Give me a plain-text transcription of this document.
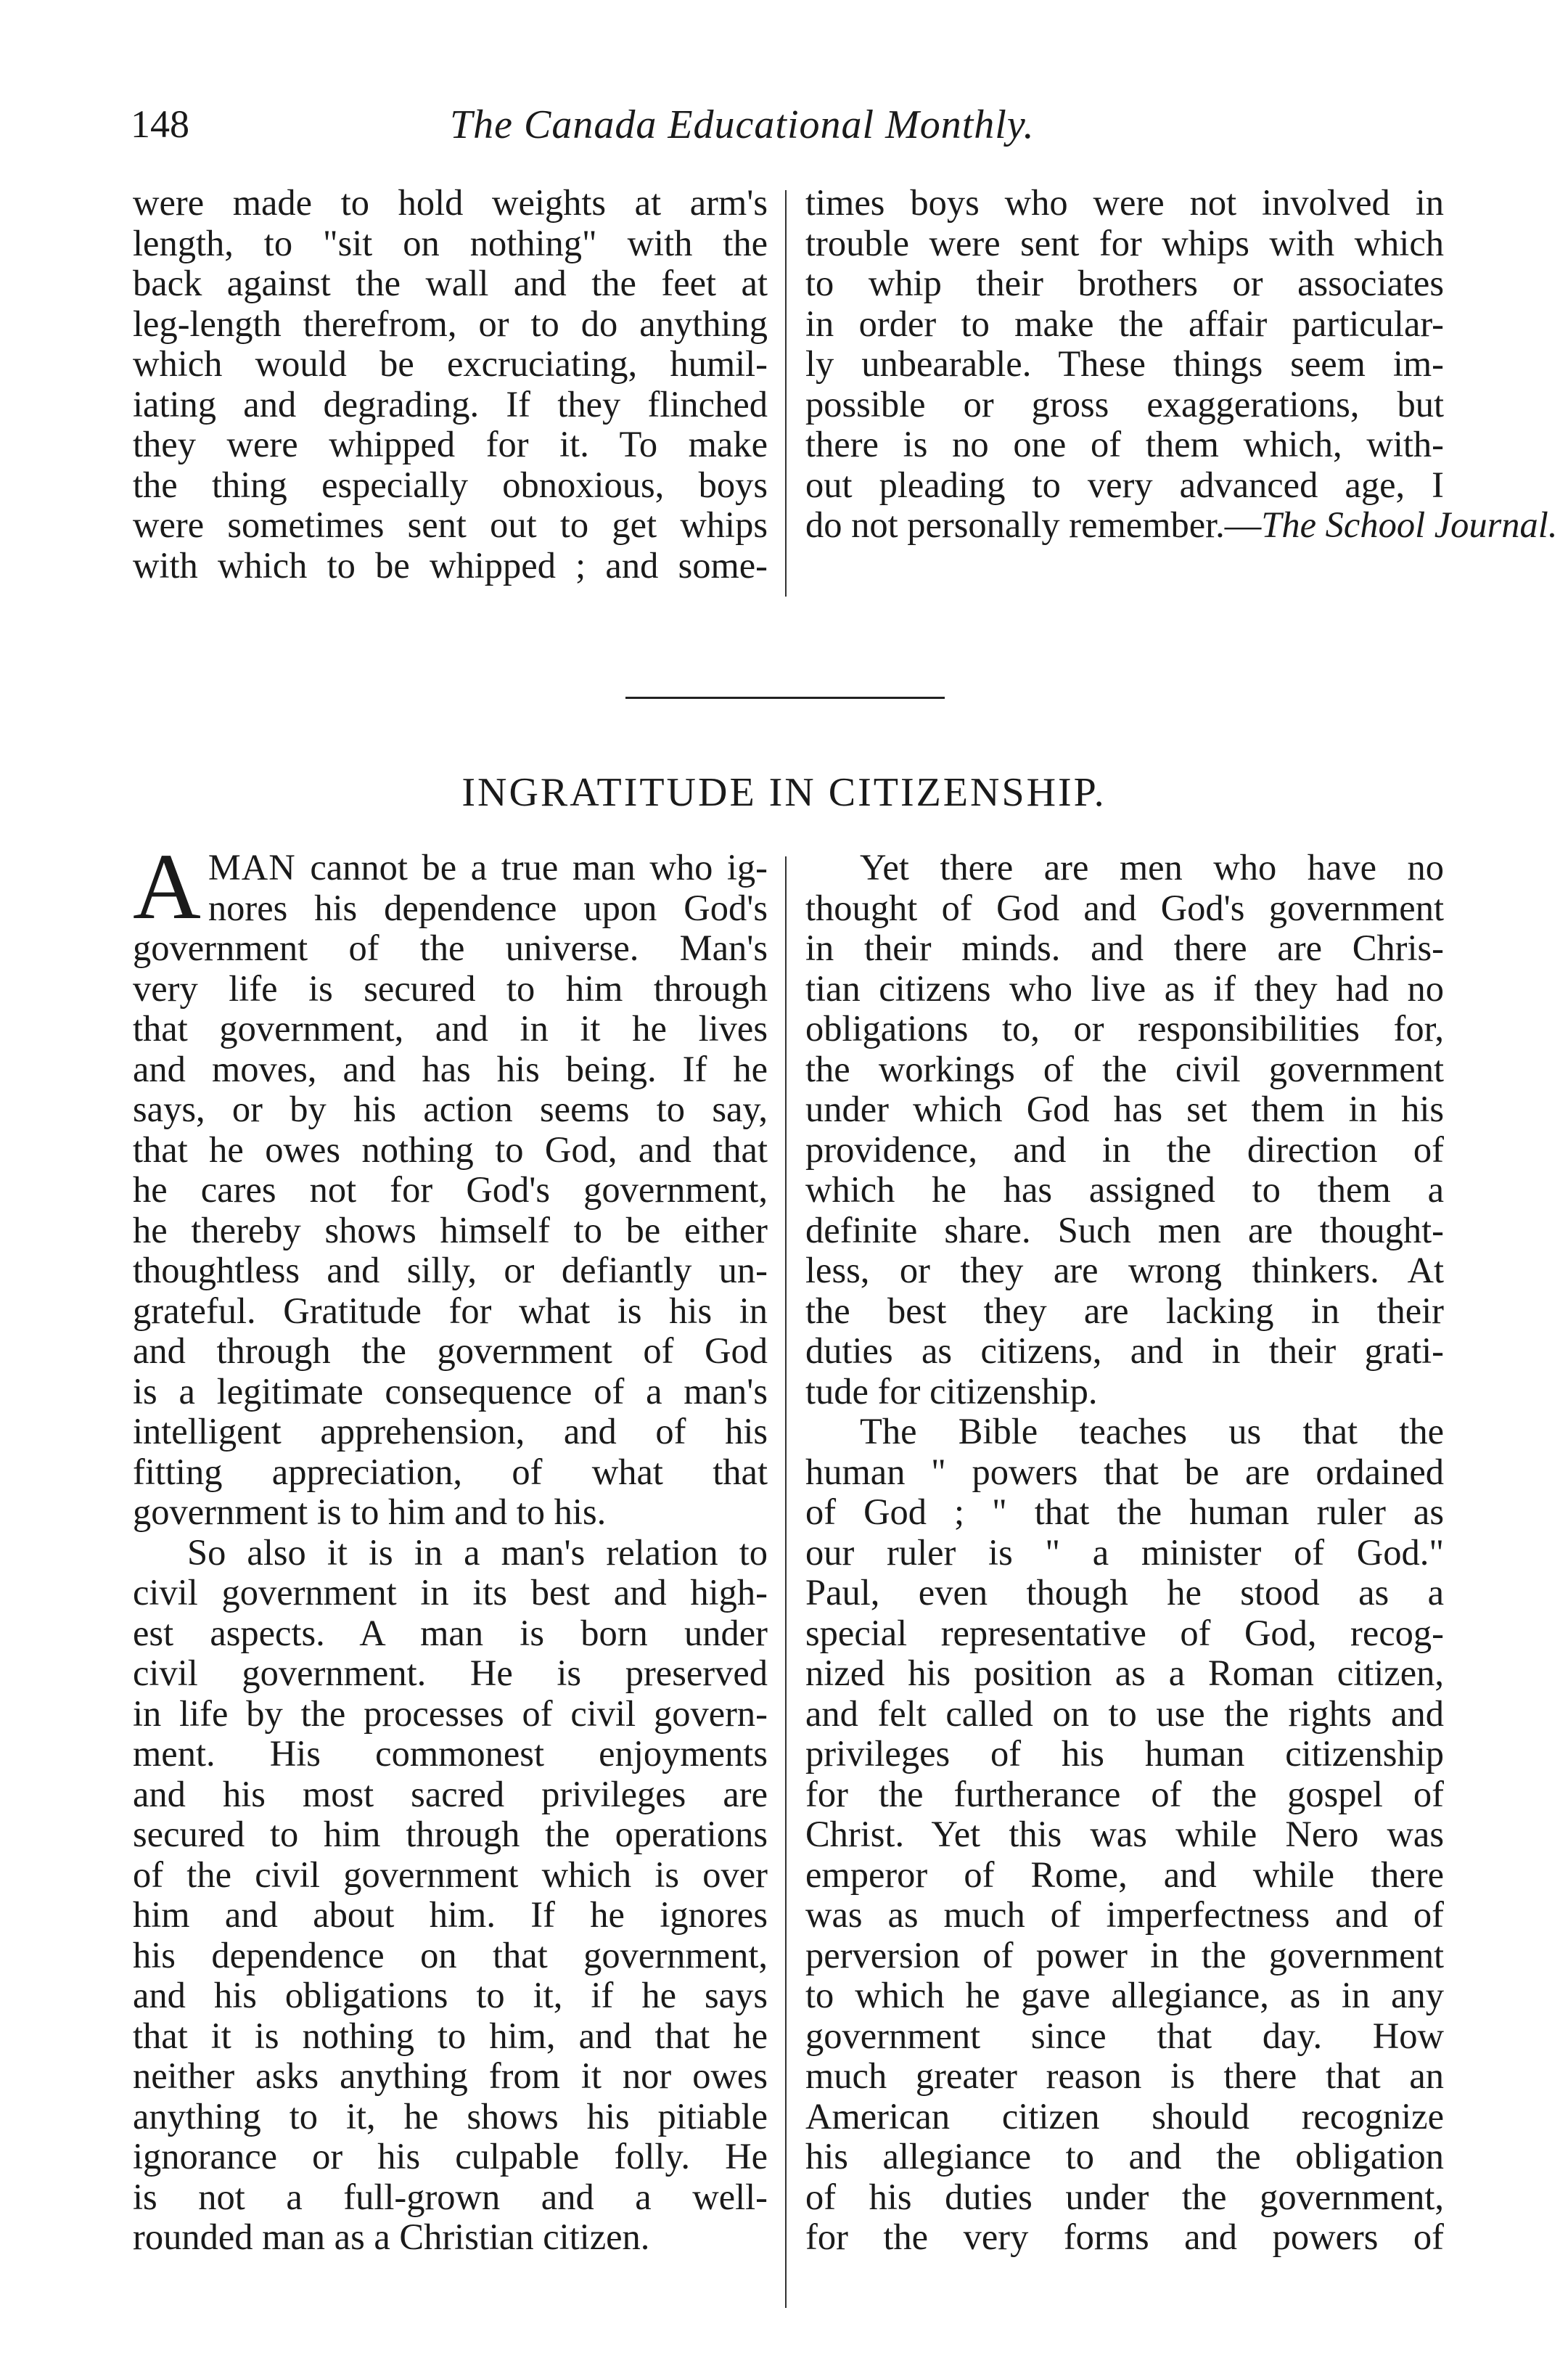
148	The Canada Educational Monthly.
were made to hold weights at arm's
length, to "sit on nothing" with the
back against the wall and the feet at
leg-length therefrom, or to do anything
which would be excruciating, humil-
iating and degrading. If they flinched
they were whipped for it. To make
the thing especially obnoxious, boys
were sometimes sent out to get whips
with which to be whipped ; and some-
times boys who were not involved in
trouble were sent for whips with which
to whip their brothers or associates
in order to make the affair particular-
ly unbearable. These things seem im-
possible or gross exaggerations, but
there is no one of them which, with-
out pleading to very advanced age, I
do not personally remember.—The School Journal.
INGRATITUDE IN CITIZENSHIP.
A MAN cannot be a true man who ig-
nores his dependence upon God's
government of the universe. Man's
very life is secured to him through
that government, and in it he lives
and moves, and has his being. If he
says, or by his action seems to say,
that he owes nothing to God, and that
he cares not for God's government,
he thereby shows himself to be either
thoughtless and silly, or defiantly un-
grateful. Gratitude for what is his in
and through the government of God
is a legitimate consequence of a man's
intelligent apprehension, and of his
fitting appreciation, of what that
government is to him and to his.
So also it is in a man's relation to
civil government in its best and high-
est aspects. A man is born under
civil government. He is preserved
in life by the processes of civil govern-
ment. His commonest enjoyments
and his most sacred privileges are
secured to him through the operations
of the civil government which is over
him and about him. If he ignores
his dependence on that government,
and his obligations to it, if he says
that it is nothing to him, and that he
neither asks anything from it nor owes
anything to it, he shows his pitiable
ignorance or his culpable folly. He
is not a full-grown and a well-
rounded man as a Christian citizen.
Yet there are men who have no
thought of God and God's government
in their minds. and there are Chris-
tian citizens who live as if they had no
obligations to, or responsibilities for,
the workings of the civil government
under which God has set them in his
providence, and in the direction of
which he has assigned to them a
definite share. Such men are thought-
less, or they are wrong thinkers. At
the best they are lacking in their
duties as citizens, and in their grati-
tude for citizenship.
The Bible teaches us that the
human " powers that be are ordained
of God ; " that the human ruler as
our ruler is " a minister of God."
Paul, even though he stood as a
special representative of God, recog-
nized his position as a Roman citizen,
and felt called on to use the rights and
privileges of his human citizenship
for the furtherance of the gospel of
Christ. Yet this was while Nero was
emperor of Rome, and while there
was as much of imperfectness and of
perversion of power in the government
to which he gave allegiance, as in any
government since that day. How
much greater reason is there that an
American citizen should recognize
his allegiance to and the obligation
of his duties under the government,
for the very forms and powers of
